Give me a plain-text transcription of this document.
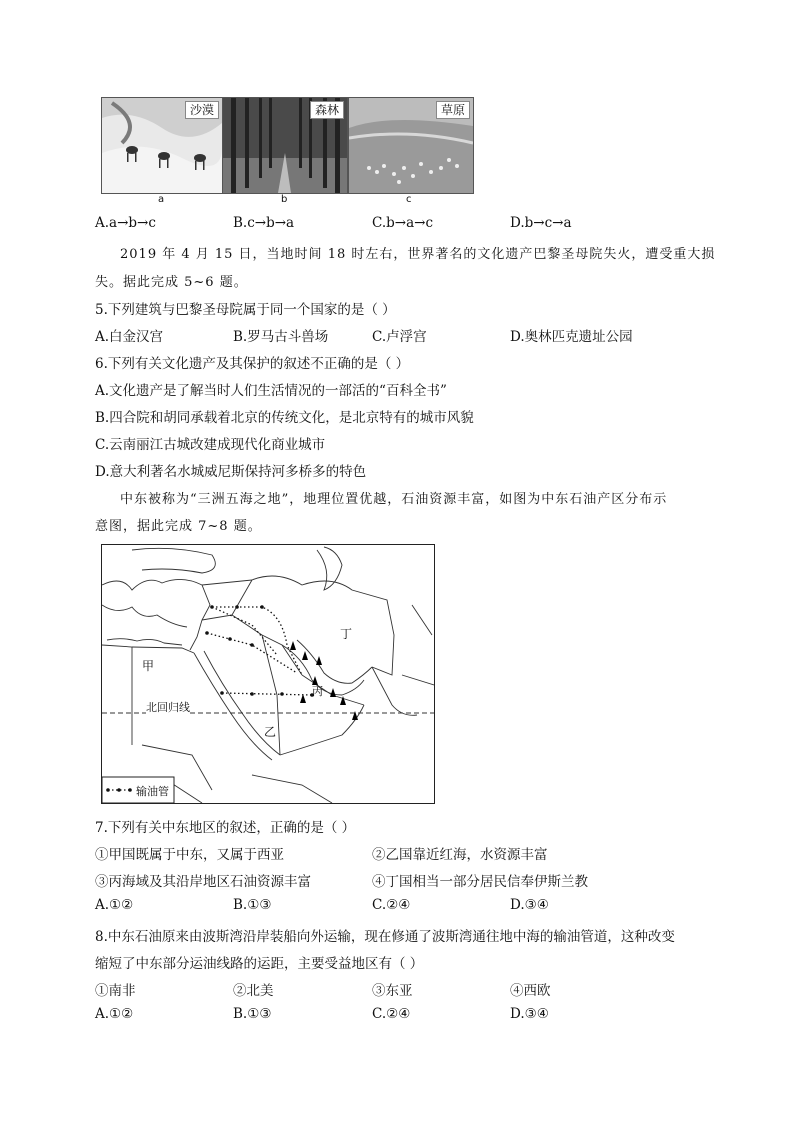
沙漠
a
森林
b
草原
c
A.a→b→c	B.c→b→a	C.b→a→c	D.b→c→a
2019 年 4 月 15 日，当地时间 18 时左右，世界著名的文化遗产巴黎圣母院失火，遭受重大损
失。据此完成 5~6 题。
5.下列建筑与巴黎圣母院属于同一个国家的是（ ）
A.白金汉宫	B.罗马古斗兽场	C.卢浮宫	D.奥林匹克遗址公园
6.下列有关文化遗产及其保护的叙述不正确的是（ ）
A.文化遗产是了解当时人们生活情况的一部活的“百科全书”
B.四合院和胡同承载着北京的传统文化，是北京特有的城市风貌
C.云南丽江古城改建成现代化商业城市
D.意大利著名水城威尼斯保持河多桥多的特色
中东被称为“三洲五海之地”，地理位置优越，石油资源丰富，如图为中东石油产区分布示
意图，据此完成 7~8 题。
甲
乙
丙
丁
北回归线
输油管
7.下列有关中东地区的叙述，正确的是（ ）
①甲国既属于中东，又属于西亚	②乙国靠近红海，水资源丰富
③丙海域及其沿岸地区石油资源丰富	④丁国相当一部分居民信奉伊斯兰教
A.①②	B.①③	C.②④	D.③④
8.中东石油原来由波斯湾沿岸装船向外运输，现在修通了波斯湾通往地中海的输油管道，这种改变
缩短了中东部分运油线路的运距，主要受益地区有（ ）
①南非	②北美	③东亚	④西欧
A.①②	B.①③	C.②④	D.③④
